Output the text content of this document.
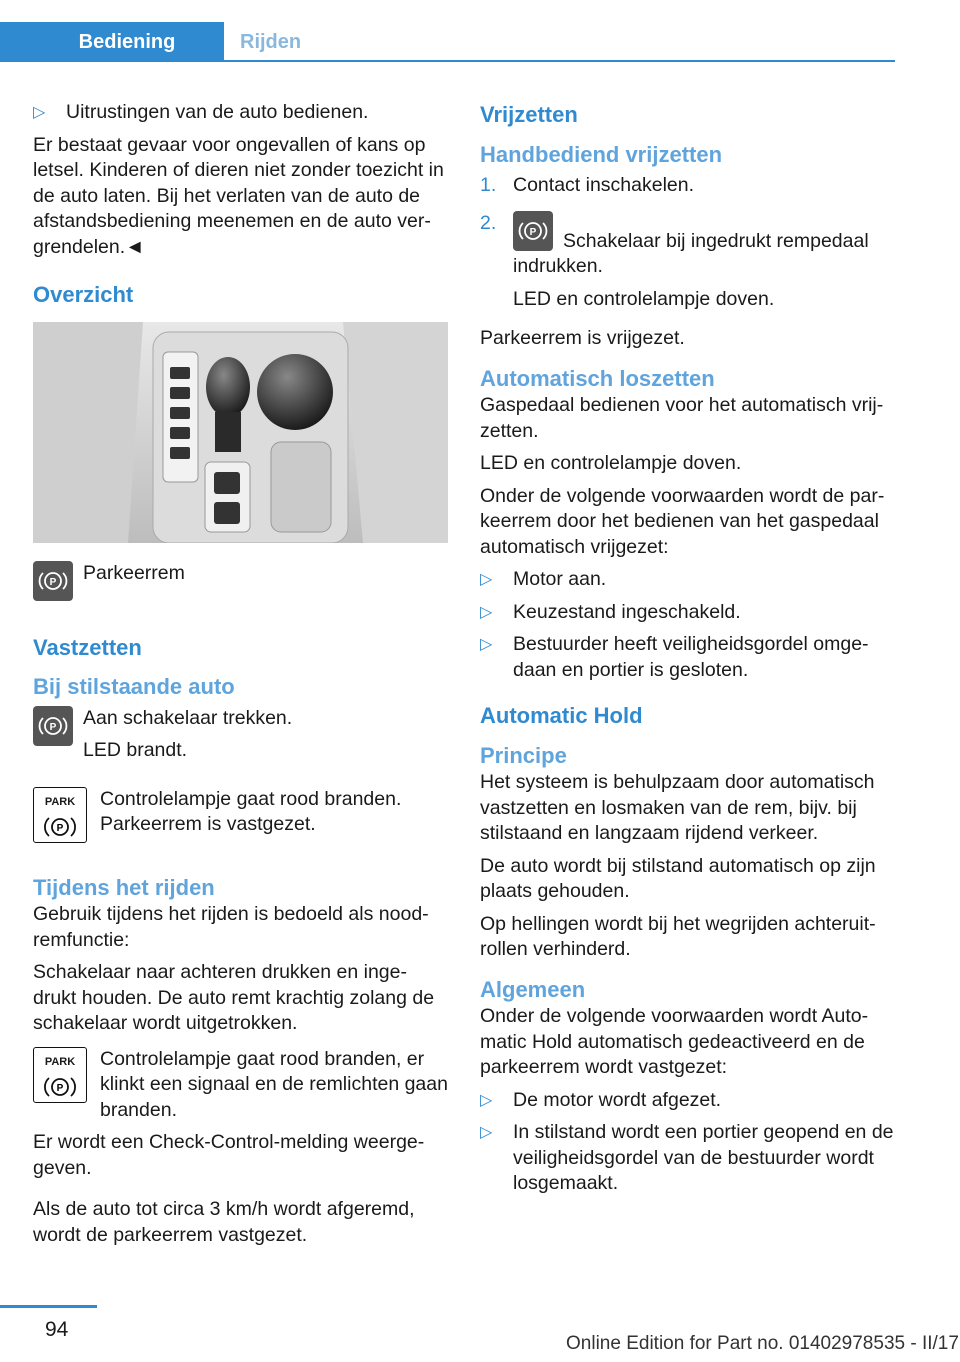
Bediening	Rijden
▷	Uitrustingen van de auto bedienen.

Er bestaat gevaar voor ongevallen of kans op letsel. Kinderen of dieren niet zonder toezicht in de auto laten. Bij het verlaten van de auto de afstandsbediening meenemen en de auto ver‐ grendelen.◄

Overzicht
P Parkeerrem
Vastzetten
Bij stilstaande auto
P Aan schakelaar trekken.

LED brandt.

PARK
P

Controlelampje gaat rood branden. Parkeerrem is vastgezet.

Tijdens het rijden

Gebruik tijdens het rijden is bedoeld als nood‐ remfunctie:

Schakelaar naar achteren drukken en inge‐ drukt houden. De auto remt krachtig zolang de schakelaar wordt uitgetrokken.

PARK
P

Controlelampje gaat rood branden, er klinkt een signaal en de remlichten gaan branden.

Er wordt een Check-Control-melding weerge‐ geven.

Als de auto tot circa 3 km/h wordt afgeremd, wordt de parkeerrem vastgezet.

Vrijzetten
Handbediend vrijzetten
1. Contact inschakelen.
2.	P	Schakelaar bij ingedrukt rempedaal indrukken.

LED en controlelampje doven.

Parkeerrem is vrijgezet.

Automatisch loszetten

Gaspedaal bedienen voor het automatisch vrij‐ zetten.

LED en controlelampje doven.

Onder de volgende voorwaarden wordt de par‐ keerrem door het bedienen van het gaspedaal automatisch vrijgezet:

▷	Motor aan.
▷	Keuzestand ingeschakeld.
▷	Bestuurder heeft veiligheidsgordel omge‐ daan en portier is gesloten.
Automatic Hold
Principe

Het systeem is behulpzaam door automatisch vastzetten en losmaken van de rem, bijv. bij stilstaand en langzaam rijdend verkeer.

De auto wordt bij stilstand automatisch op zijn plaats gehouden.

Op hellingen wordt bij het wegrijden achteruit‐ rollen verhinderd.

Algemeen

Onder de volgende voorwaarden wordt Auto‐ matic Hold automatisch gedeactiveerd en de parkeerrem wordt vastgezet:

▷	De motor wordt afgezet.
▷	In stilstand wordt een portier geopend en de veiligheidsgordel van de bestuurder wordt losgemaakt.
94
Online Edition for Part no. 01402978535 - II/17
